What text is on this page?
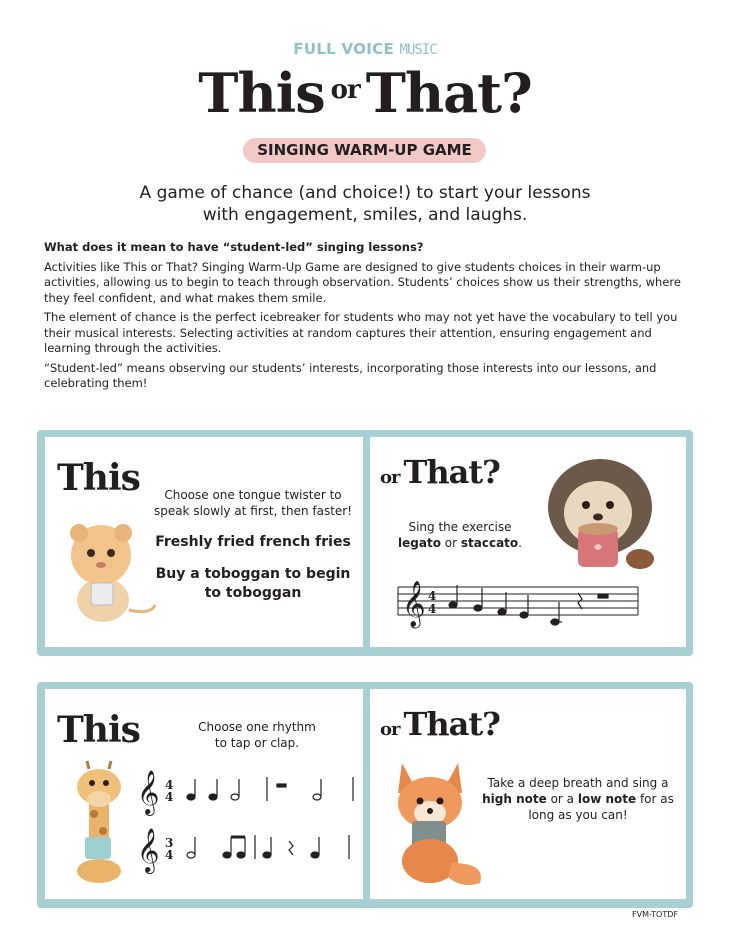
FULL VOICE MUSIC
This $^{or}$ That?
SINGING WARM-UP GAME
A game of chance (and choice!) to start your lessons
with engagement, smiles, and laughs.
What does it mean to have “student-led” singing lessons?

Activities like This or That? Singing Warm-Up Game are designed to give students choices in their warm-up activities, allowing us to begin to teach through observation. Students’ choices show us their strengths, where they feel confident, and what makes them smile.

The element of chance is the perfect icebreaker for students who may not yet have the vocabulary to tell you their musical interests. Selecting activities at random captures their attention, ensuring engagement and learning through the activities.

“Student-led” means observing our students’ interests, incorporating those interests into our lessons, and celebrating them!

This	Choose one tongue twister to
speak slowly at first, then faster!
Freshly fried french fries
Buy a toboggan to begin
to toboggan
or That?
Sing the exercise
legato or staccato.
𝄞 4
4
This	Choose one rhythm
to tap or clap.
𝄞 4
4
𝄞 3
4
or That?
Take a deep breath and sing a
high note or a low note for as
long as you can!
FVM-TOTDF
